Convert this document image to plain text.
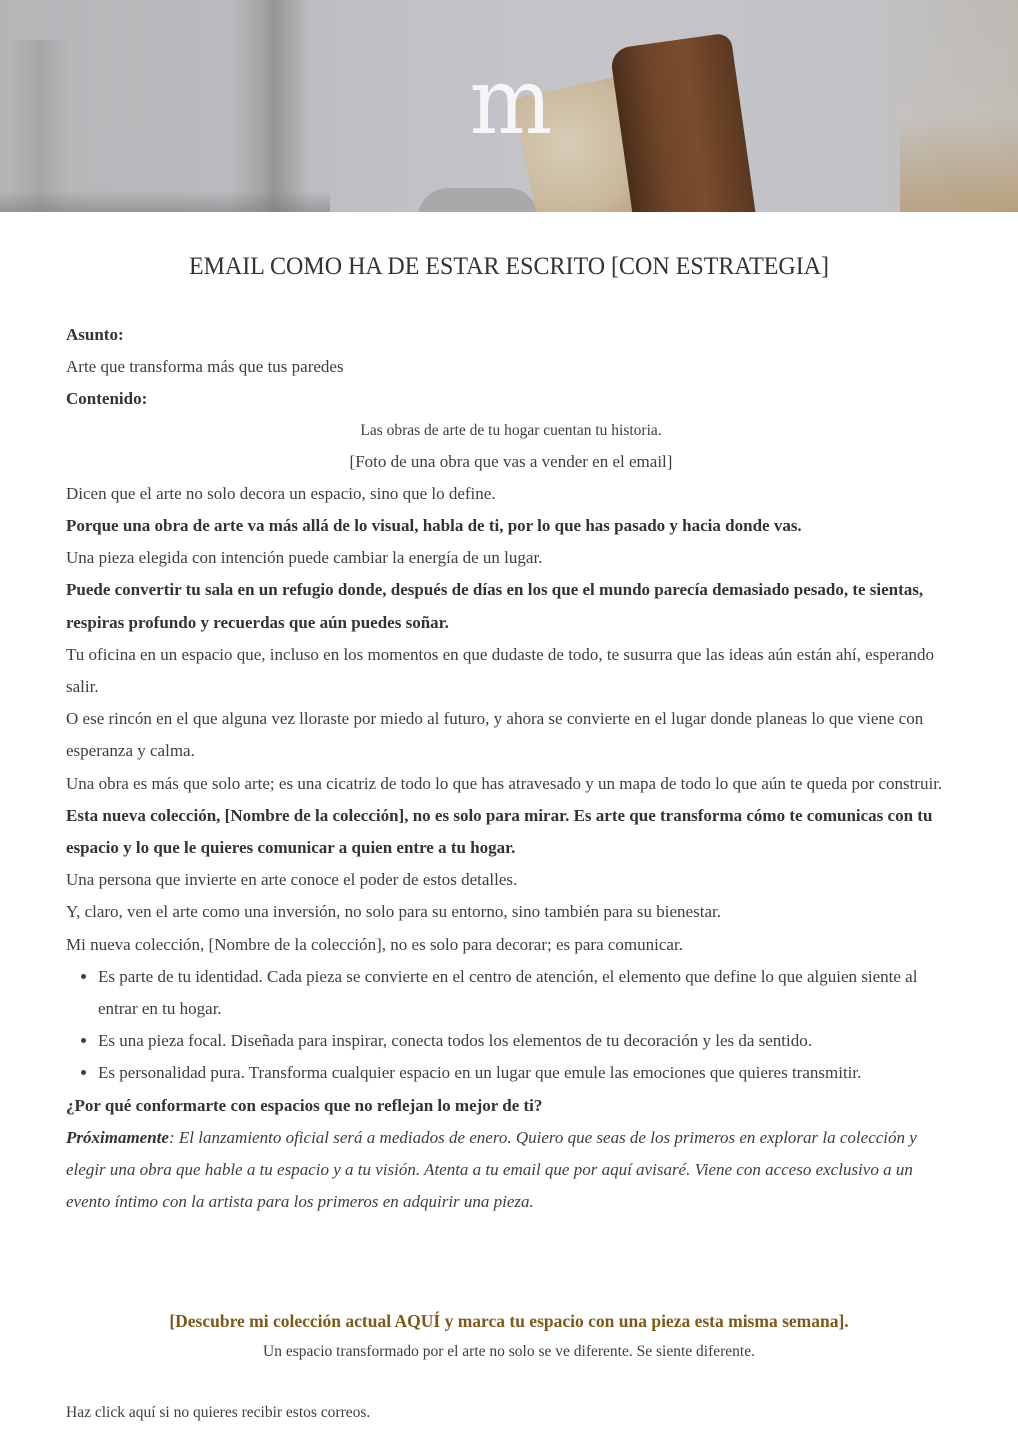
m
EMAIL COMO HA DE ESTAR ESCRITO [CON ESTRATEGIA]

Asunto:

Arte que transforma más que tus paredes

Contenido:

Las obras de arte de tu hogar cuentan tu historia.

[Foto de una obra que vas a vender en el email]

Dicen que el arte no solo decora un espacio, sino que lo define.

Porque una obra de arte va más allá de lo visual, habla de ti, por lo que has pasado y hacia donde vas.

Una pieza elegida con intención puede cambiar la energía de un lugar.

Puede convertir tu sala en un refugio donde, después de días en los que el mundo parecía demasiado pesado, te sientas, respiras profundo y recuerdas que aún puedes soñar.

Tu oficina en un espacio que, incluso en los momentos en que dudaste de todo, te susurra que las ideas aún están ahí, esperando salir.

O ese rincón en el que alguna vez lloraste por miedo al futuro, y ahora se convierte en el lugar donde planeas lo que viene con esperanza y calma.

Una obra es más que solo arte; es una cicatriz de todo lo que has atravesado y un mapa de todo lo que aún te queda por construir.

Esta nueva colección, [Nombre de la colección], no es solo para mirar. Es arte que transforma cómo te comunicas con tu espacio y lo que le quieres comunicar a quien entre a tu hogar.

Una persona que invierte en arte conoce el poder de estos detalles.

Y, claro, ven el arte como una inversión, no solo para su entorno, sino también para su bienestar.

Mi nueva colección, [Nombre de la colección], no es solo para decorar; es para comunicar.

• Es parte de tu identidad. Cada pieza se convierte en el centro de atención, el elemento que define lo que alguien siente al entrar en tu hogar.
• Es una pieza focal. Diseñada para inspirar, conecta todos los elementos de tu decoración y les da sentido.
• Es personalidad pura. Transforma cualquier espacio en un lugar que emule las emociones que quieres transmitir.

¿Por qué conformarte con espacios que no reflejan lo mejor de ti?

Próximamente: El lanzamiento oficial será a mediados de enero. Quiero que seas de los primeros en explorar la colección y elegir una obra que hable a tu espacio y a tu visión. Atenta a tu email que por aquí avisaré. Viene con acceso exclusivo a un evento íntimo con la artista para los primeros en adquirir una pieza.

[Descubre mi colección actual AQUÍ y marca tu espacio con una pieza esta misma semana].
Un espacio transformado por el arte no solo se ve diferente. Se siente diferente.
Haz click aquí si no quieres recibir estos correos.
